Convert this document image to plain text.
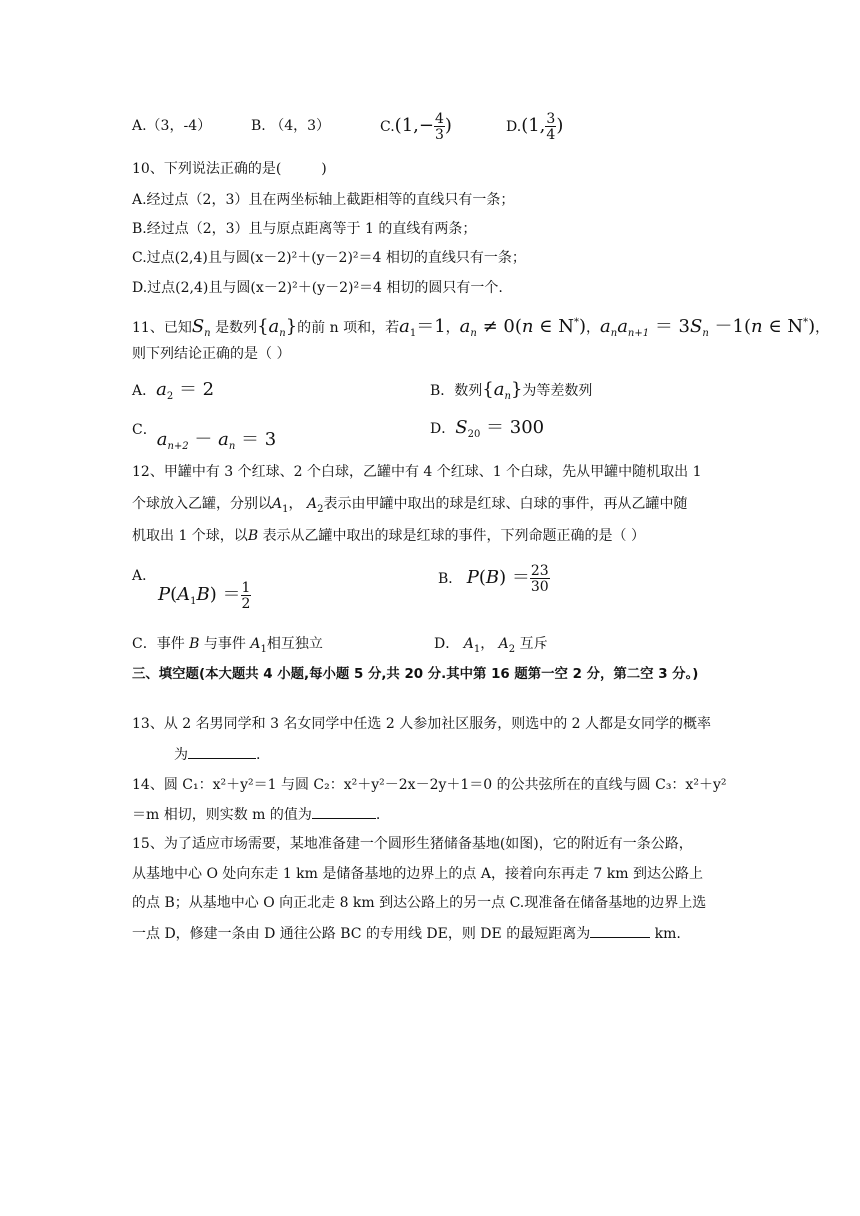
A.（3，-4）	B. （4，3）	$C.(1,- \frac{4}{3}$ )	D.(1, $\frac{3}{4}$ )
10、下列说法正确的是(	)
A.经过点（2，3）且在两坐标轴上截距相等的直线只有一条；
B.经过点（2，3）且与原点距离等于 1 的直线有两条；
C.过点(2,4)且与圆(x－2)²＋(y－2)²＝4 相切的直线只有一条；
D.过点(2,4)且与圆(x－2)²＋(y－2)²＝4 相切的圆只有一个.
11、已知$S_n$ 是数列$\{a_n\}$的前 n 项和，若$a_1=1$，$a_n \ne 0(n$ ∈ N*)，$a_na_{n+1} = 3S_n -1(n$ ∈ N*)，
则下列结论正确的是（ ）
A．$a_2 = 2$	B．数列$\{a_n\}$为等差数列
C．$a_{n+2} - a_n = 3$	D．$S_{20} = 300$
12、甲罐中有 3 个红球、2 个白球，乙罐中有 4 个红球、1 个白球，先从甲罐中随机取出 1
个球放入乙罐，分别以$A_1$， $A_2$表示由甲罐中取出的球是红球、白球的事件，再从乙罐中随
机取出 1 个球，以B 表示从乙罐中取出的球是红球的事件，下列命题正确的是（ ）
A．
$P(A_1B) = \frac{1}{2}$
B． $P(B) = \frac{23}{30}$
C．事件 B 与事件 $A_1$相互独立	D． $A_1$， $A_2$ 互斥
三、填空题(本大题共 4 小题,每小题 5 分,共 20 分.其中第 16 题第一空 2 分，第二空 3 分。)
13、从 2 名男同学和 3 名女同学中任选 2 人参加社区服务，则选中的 2 人都是女同学的概率
为	.
14、圆 C₁：x²＋y²＝1 与圆 C₂：x²＋y²－2x－2y＋1＝0 的公共弦所在的直线与圆 C₃：x²＋y²
＝m 相切，则实数 m 的值为	.
15、为了适应市场需要，某地准备建一个圆形生猪储备基地(如图)，它的附近有一条公路，
从基地中心 O 处向东走 1 km 是储备基地的边界上的点 A，接着向东再走 7 km 到达公路上
的点 B；从基地中心 O 向正北走 8 km 到达公路上的另一点 C.现准备在储备基地的边界上选
一点 D，修建一条由 D 通往公路 BC 的专用线 DE，则 DE 的最短距离为	km.
